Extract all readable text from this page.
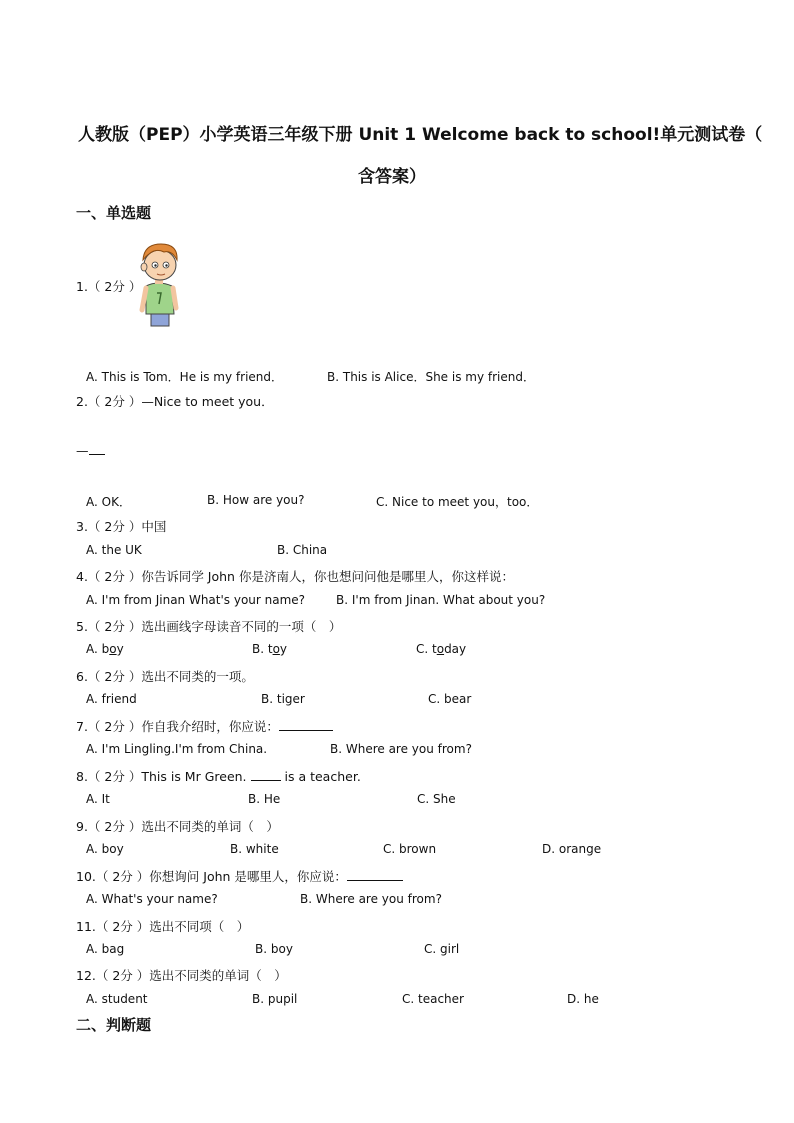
人教版（PEP）小学英语三年级下册 Unit 1 Welcome back to school!单元测试卷（
含答案）
一、单选题
1.（ 2分 ）
A. This is Tom．He is my friend．	B. This is Alice．She is my friend．
2.（ 2分 ）—Nice to meet you．
—
A. OK．	B. How are you?	C. Nice to meet you，too．
3.（ 2分 ）中国
A. the UK	B. China
4.（ 2分 ）你告诉同学 John 你是济南人，你也想问问他是哪里人，你这样说：
A. I'm from Jinan What's your name?	B. I'm from Jinan. What about you?
5.（ 2分 ）选出画线字母读音不同的一项（　）
A. boy	B. toy	C. today
6.（ 2分 ）选出不同类的一项。
A. friend	B. tiger	C. bear
7.（ 2分 ）作自我介绍时，你应说：
A. I'm Lingling.I'm from China.	B. Where are you from?
8.（ 2分 ）This is Mr Green.	is a teacher.
A. It	B. He	C. She
9.（ 2分 ）选出不同类的单词（　）
A. boy	B. white	C. brown	D. orange
10.（ 2分 ）你想询问 John 是哪里人，你应说：
A. What's your name?	B. Where are you from?
11.（ 2分 ）选出不同项（　）
A. bag	B. boy	C. girl
12.（ 2分 ）选出不同类的单词（　）
A. student	B. pupil	C. teacher	D. he
二、判断题
